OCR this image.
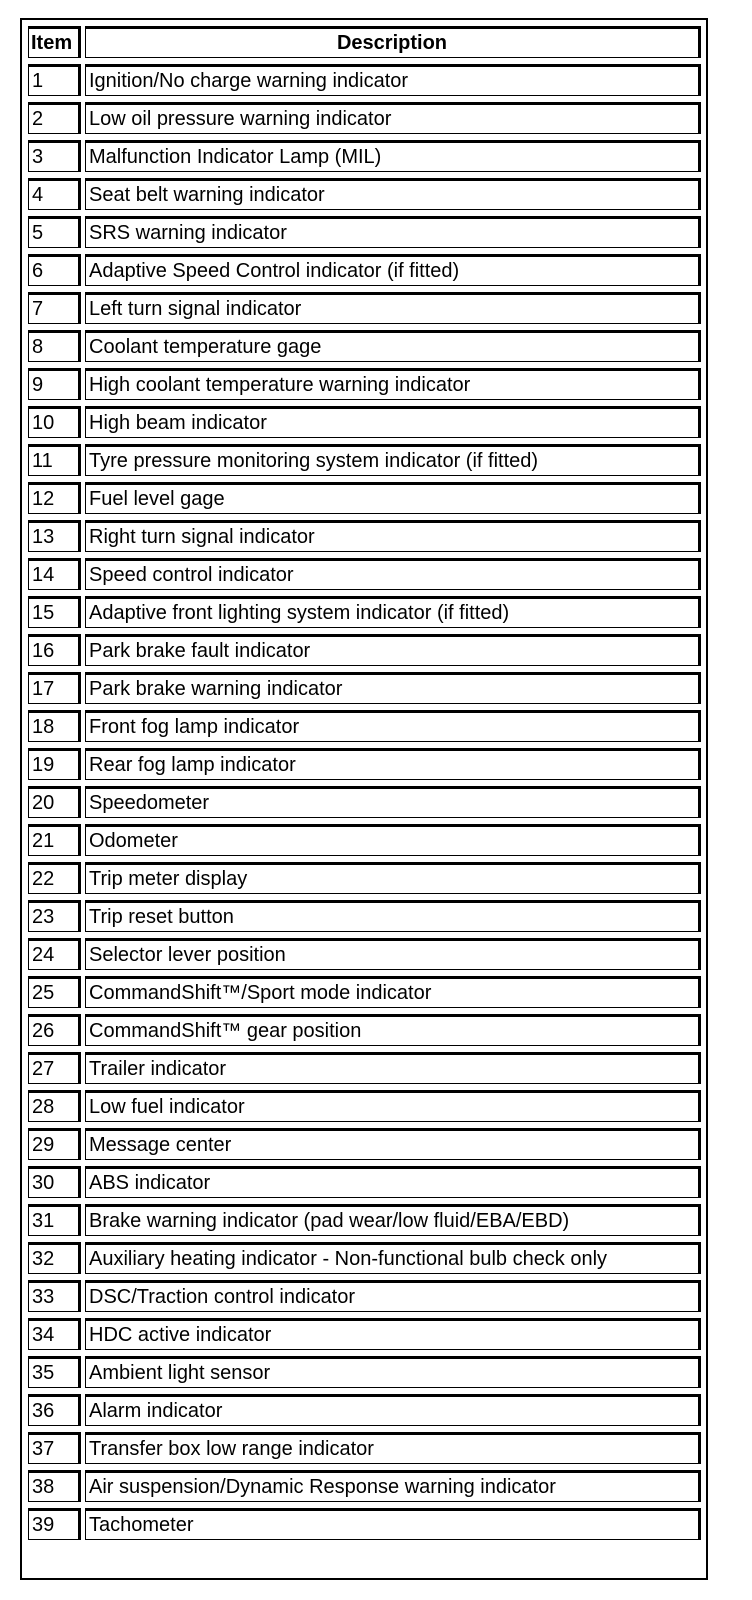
Item	Description
1	Ignition/No charge warning indicator
2	Low oil pressure warning indicator
3	Malfunction Indicator Lamp (MIL)
4	Seat belt warning indicator
5	SRS warning indicator
6	Adaptive Speed Control indicator (if fitted)
7	Left turn signal indicator
8	Coolant temperature gage
9	High coolant temperature warning indicator
10	High beam indicator
11	Tyre pressure monitoring system indicator (if fitted)
12	Fuel level gage
13	Right turn signal indicator
14	Speed control indicator
15	Adaptive front lighting system indicator (if fitted)
16	Park brake fault indicator
17	Park brake warning indicator
18	Front fog lamp indicator
19	Rear fog lamp indicator
20	Speedometer
21	Odometer
22	Trip meter display
23	Trip reset button
24	Selector lever position
25	CommandShift™/Sport mode indicator
26	CommandShift™ gear position
27	Trailer indicator
28	Low fuel indicator
29	Message center
30	ABS indicator
31	Brake warning indicator (pad wear/low fluid/EBA/EBD)
32	Auxiliary heating indicator - Non-functional bulb check only
33	DSC/Traction control indicator
34	HDC active indicator
35	Ambient light sensor
36	Alarm indicator
37	Transfer box low range indicator
38	Air suspension/Dynamic Response warning indicator
39	Tachometer
